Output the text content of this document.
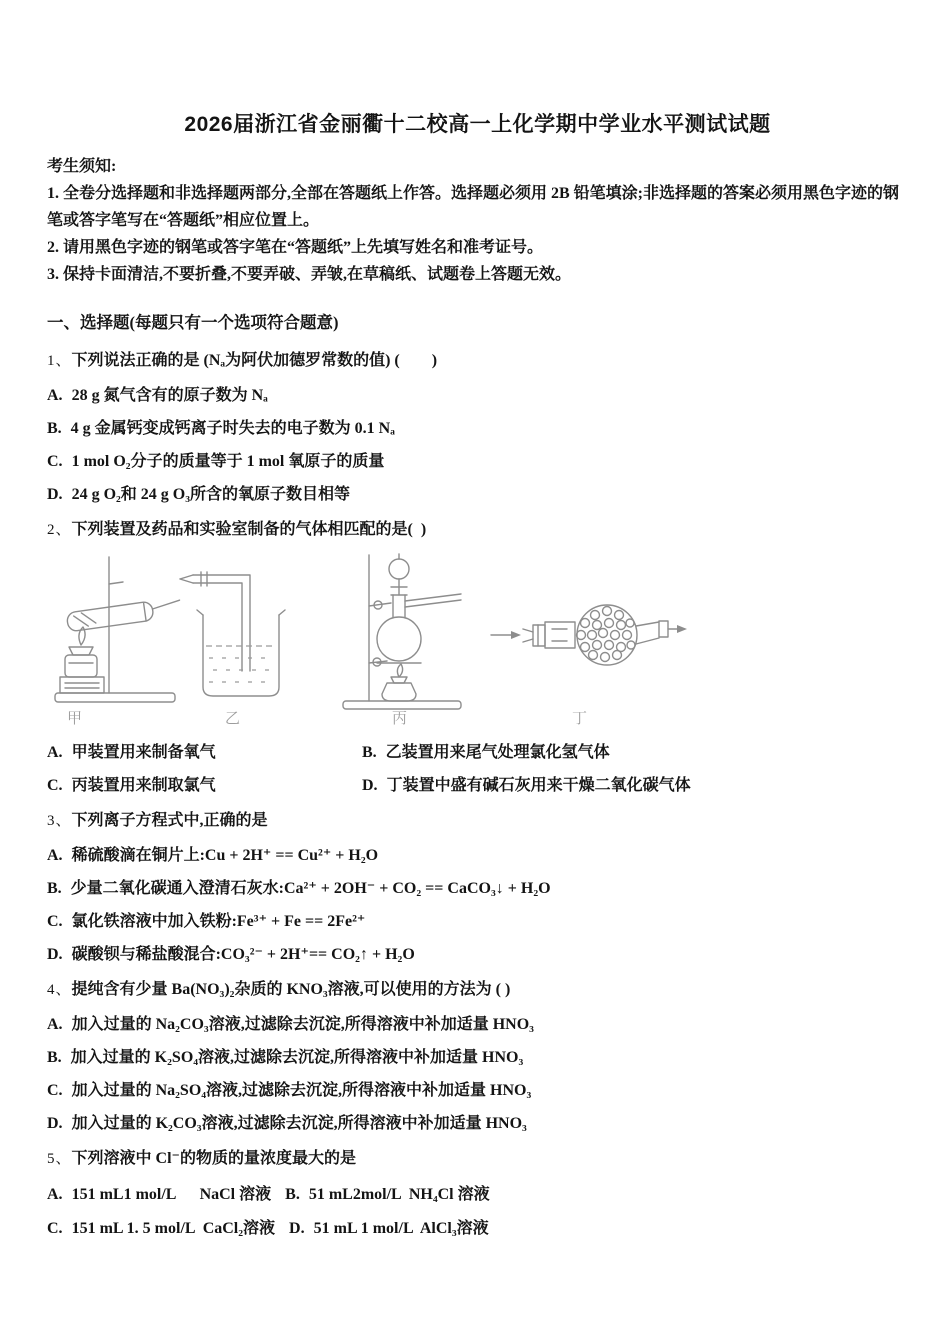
2026届浙江省金丽衢十二校高一上化学期中学业水平测试试题

考生须知:

1. 全卷分选择题和非选择题两部分,全部在答题纸上作答。选择题必须用 2B 铅笔填涂;非选择题的答案必须用黑色字迹的钢笔或答字笔写在“答题纸”相应位置上。

2. 请用黑色字迹的钢笔或答字笔在“答题纸”上先填写姓名和准考证号。

3. 保持卡面清洁,不要折叠,不要弄破、弄皱,在草稿纸、试题卷上答题无效。

一、选择题(每题只有一个选项符合题意)

1、下列说法正确的是 (Nₐ为阿伏加德罗常数的值) (        )

A. 28 g 氮气含有的原子数为 Nₐ

B. 4 g 金属钙变成钙离子时失去的电子数为 0.1 Nₐ

C. 1 mol O₂分子的质量等于 1 mol 氧原子的质量

D. 24 g O₂和 24 g O₃所含的氧原子数目相等

2、下列装置及药品和实验室制备的气体相匹配的是(  )

甲	乙	丙	丁

A. 甲装置用来制备氧气	B. 乙装置用来尾气处理氯化氢气体

C. 丙装置用来制取氯气	D. 丁装置中盛有碱石灰用来干燥二氧化碳气体

3、下列离子方程式中,正确的是

A. 稀硫酸滴在铜片上:Cu + 2H⁺ == Cu²⁺ + H₂O

B. 少量二氧化碳通入澄清石灰水:Ca²⁺ + 2OH⁻ + CO₂ == CaCO₃↓ + H₂O

C. 氯化铁溶液中加入铁粉:Fe³⁺ + Fe == 2Fe²⁺

D. 碳酸钡与稀盐酸混合:CO₃²⁻ + 2H⁺== CO₂↑ + H₂O

4、提纯含有少量 Ba(NO₃)₂杂质的 KNO₃溶液,可以使用的方法为 ( )

A. 加入过量的 Na₂CO₃溶液,过滤除去沉淀,所得溶液中补加适量 HNO₃

B. 加入过量的 K₂SO₄溶液,过滤除去沉淀,所得溶液中补加适量 HNO₃

C. 加入过量的 Na₂SO₄溶液,过滤除去沉淀,所得溶液中补加适量 HNO₃

D. 加入过量的 K₂CO₃溶液,过滤除去沉淀,所得溶液中补加适量 HNO₃

5、下列溶液中 Cl⁻的物质的量浓度最大的是

A. 151 mL1 mol/L      NaCl 溶液 B. 51 mL2mol/L  NH₄Cl 溶液

C. 151 mL 1. 5 mol/L  CaCl₂溶液 D. 51 mL 1 mol/L  AlCl₃溶液
